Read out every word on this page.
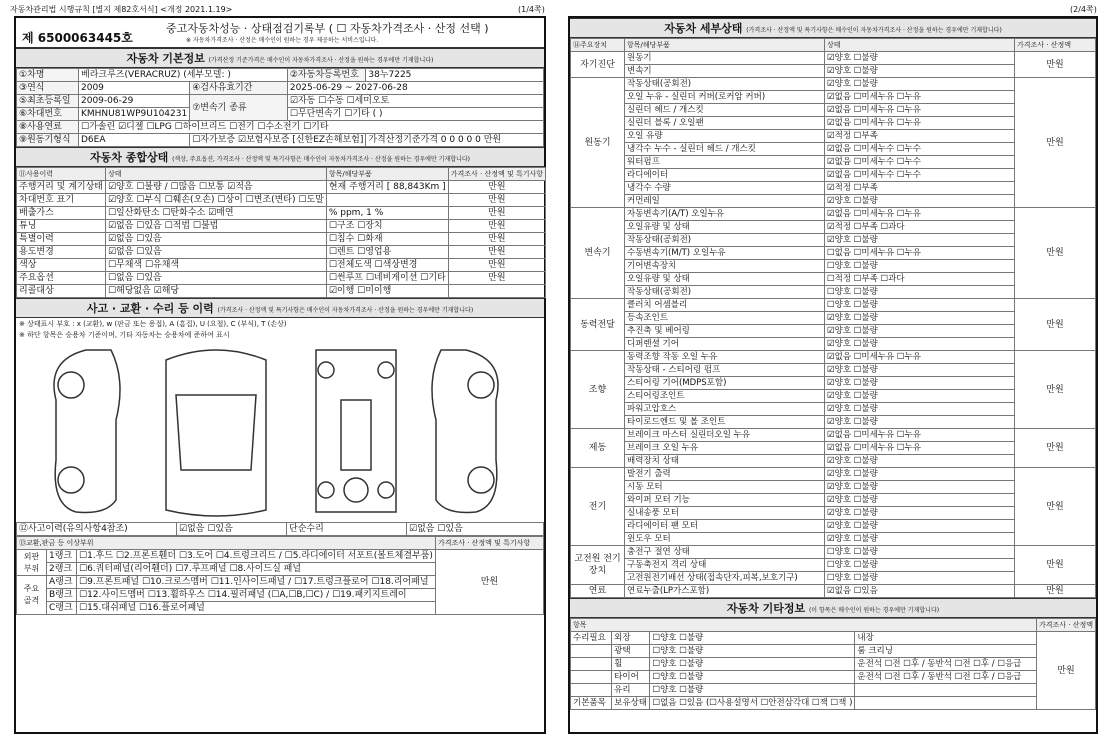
자동차관리법 시행규칙 [별지 제82호서식] <개정 2021.1.19>	(1/4쪽)	(2/4쪽)
제 6500063445호
중고자동차성능 · 상태점검기록부 ( ☐ 자동차가격조사 · 산정 선택 )
※ 자동차가격조사 · 산정은 매수인이 원하는 경우 제공하는 서비스입니다.
자동차 기본정보 (가격산정 기준가격은 매수인이 자동차가격조사 · 산정을 원하는 경우에만 기재합니다)
①차명	베라크루즈(VERACRUZ) (세부모델: )		②자동차등록번호	38누7225
③연식	2009	④검사유효기간	2025-06-29 ~ 2027-06-28	
⑤최초등록일	2009-06-29	⑦변속기 종류	☑자동 ☐수동 ☐세미오토	
⑥차대번호	KMHNU81WP9U104231		☐무단변속기 ☐기타 ( )	
⑧사용연료	☐가솔린 ☑디젤 ☐LPG ☐하이브리드 ☐전기 ☐수소전기 ☐기타			
⑨원동기형식	D6EA	☐자가보증 ☑보험사보증 [신한EZ손해보험]		가격산정기준가격 0 0 0 0 0 만원
자동차 종합상태 (색상, 주요옵션, 가격조사 · 산정액 및 특기사항은 매수인이 자동차가격조사 · 산정을 원하는 경우에만 기재합니다)
⑪사용이력	상태	항목/해당부품	가격조사 · 산정액 및 특기사항
주행거리 및 계기상태	☑양호 ☐불량 / ☐많음 ☐보통 ☑적음	현재 주행거리 [ 88,843Km ]	만원
차대번호 표기	☑양호 ☐부식 ☐훼손(오손) ☐상이 ☐변조(변타) ☐도말		만원
배출가스	☐일산화탄소 ☐탄화수소 ☑매연	% ppm, 1 %	만원
튜닝	☑없음 ☐있음 ☐적법 ☐불법	☐구조 ☐장치	만원
특별이력	☑없음 ☐있음	☐침수 ☐화재	만원
용도변경	☑없음 ☐있음	☐렌트 ☐영업용	만원
색상	☐무채색 ☐유채색	☐전체도색 ☐색상변경	만원
주요옵션	☐없음 ☐있음	☐썬루프 ☐네비게이션 ☐기타	만원
리콜대상	☐해당없음 ☑해당	☑이행 ☐미이행	
사고 · 교환 · 수리 등 이력 (가격조사 · 산정액 및 특기사항은 매수인이 자동차가격조사 · 산정을 원하는 경우에만 기재합니다)
※ 상태표시 부호 : x (교환), w (판금 또는 용접), A (흠집), U (요철), C (부식), T (손상)
※ 하단 항목은 승용차 기준이며, 기타 자동차는 승용차에 준하여 표시
⑫사고이력(유의사항4참조)	☑없음 ☐있음	단순수리	☑없음 ☐있음
⑬교환,판금 등 이상부위			가격조사 · 산정액 및 특기사항
외판 부위	1랭크	☐1.후드 ☐2.프론트휀더 ☐3.도어 ☐4.트렁크리드 / ☐5.라디에이터 서포트(볼트체결부품)	만원
	2랭크	☐6.쿼터패널(리어휀더) ☐7.루프패널 ☐8.사이드실 패널	
주요 골격	A랭크	☐9.프론트패널 ☐10.크로스멤버 ☐11.인사이드패널 / ☐17.트렁크플로어 ☐18.리어패널	
	B랭크	☐12.사이드멤버 ☐13.휠하우스 ☐14.필러패널 (☐A,☐B,☐C) / ☐19.패키지트레이	
	C랭크	☐15.대쉬패널 ☐16.플로어패널	
자동차 세부상태 (가격조사 · 산정액 및 특기사항은 매수인이 자동차가격조사 · 산정을 원하는 경우에만 기재합니다)
⑭주요장치	항목/해당부품	상태	가격조사 · 산정액
자기진단	원동기	☑양호 ☐불량	만원
	변속기	☑양호 ☐불량	
원동기	작동상태(공회전)	☑양호 ☐불량	만원
	오일 누유 - 실린더 커버(로커암 커버)	☑없음 ☐미세누유 ☐누유	
	실린더 헤드 / 개스킷	☑없음 ☐미세누유 ☐누유	
	실린더 블록 / 오일팬	☑없음 ☐미세누유 ☐누유	
	오일 유량	☑적정 ☐부족	
	냉각수 누수 - 실린더 헤드 / 개스킷	☑없음 ☐미세누수 ☐누수	
	워터펌프	☑없음 ☐미세누수 ☐누수	
	라디에이터	☑없음 ☐미세누수 ☐누수	
	냉각수 수량	☑적정 ☐부족	
	커먼레일	☑양호 ☐불량	
변속기	자동변속기(A/T) 오일누유	☑없음 ☐미세누유 ☐누유	만원
	오일유량 및 상태	☑적정 ☐부족 ☐과다	
	작동상태(공회전)	☑양호 ☐불량	
	수동변속기(M/T) 오일누유	☐없음 ☐미세누유 ☐누유	
	기어변속장치	☐양호 ☐불량	
	오일유량 및 상태	☐적정 ☐부족 ☐과다	
	작동상태(공회전)	☐양호 ☐불량	
동력전달	클러치 어셈블리	☐양호 ☐불량	만원
	등속조인트	☑양호 ☐불량	
	추진축 및 베어링	☑양호 ☐불량	
	디퍼렌셜 기어	☑양호 ☐불량	
조향	동력조향 작동 오일 누유	☑없음 ☐미세누유 ☐누유	만원
	작동상태 - 스티어링 펌프	☑양호 ☐불량	
	스티어링 기어(MDPS포함)	☑양호 ☐불량	
	스티어링조인트	☑양호 ☐불량	
	파워고압호스	☑양호 ☐불량	
	타이로드엔드 및 볼 조인트	☑양호 ☐불량	
제동	브레이크 마스터 실린더오일 누유	☑없음 ☐미세누유 ☐누유	만원
	브레이크 오일 누유	☑없음 ☐미세누유 ☐누유	
	배력장치 상태	☑양호 ☐불량	
전기	발전기 출력	☑양호 ☐불량	만원
	시동 모터	☑양호 ☐불량	
	와이퍼 모터 기능	☑양호 ☐불량	
	실내송풍 모터	☑양호 ☐불량	
	라디에이터 팬 모터	☑양호 ☐불량	
	윈도우 모터	☑양호 ☐불량	
고전원 전기장치	충전구 절연 상태	☐양호 ☐불량	만원
	구동축전지 격리 상태	☐양호 ☐불량	
	고전원전기배선 상태(접속단자,피복,보호기구)	☐양호 ☐불량	
연료	연료누출(LP가스포함)	☑없음 ☐있음	만원
자동차 기타정보 (이 항목은 매수인이 원하는 경우에만 기재합니다)
항목				가격조사 · 산정액
수리필요	외장	☐양호 ☐불량	내장	만원
	광택	☐양호 ☐불량	룸 크리닝	
	휠	☐양호 ☐불량	운전석 ☐전 ☐후 / 동반석 ☐전 ☐후 / ☐응급	
	타이어	☐양호 ☐불량	운전석 ☐전 ☐후 / 동반석 ☐전 ☐후 / ☐응급	
	유리	☐양호 ☐불량		
기본품목	보유상태	☐없음 ☐있음 (☐사용설명서 ☐안전삼각대 ☐잭 ☐잭 )		
